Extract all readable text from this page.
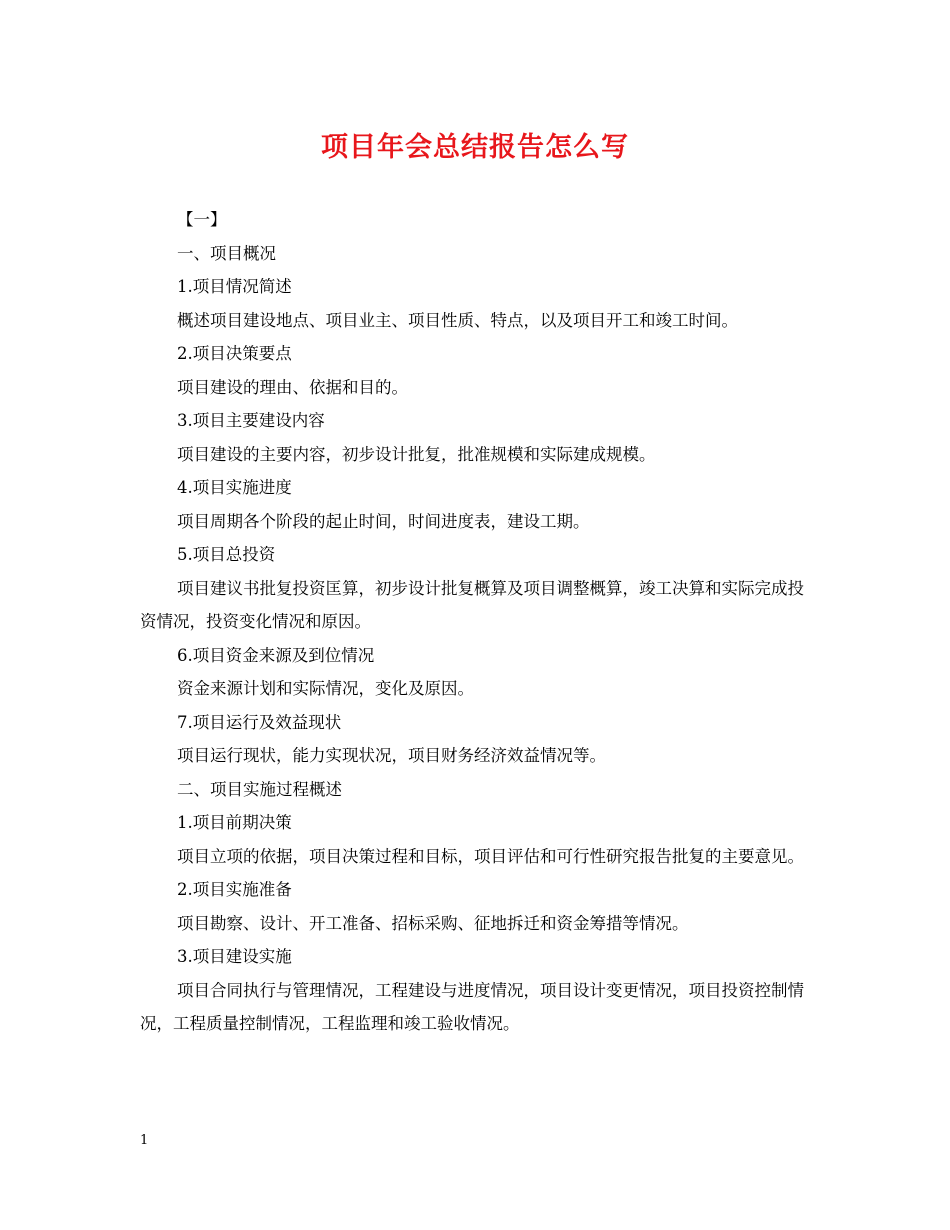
项目年会总结报告怎么写

【一】

一、项目概况

1.项目情况简述

概述项目建设地点、项目业主、项目性质、特点，以及项目开工和竣工时间。

2.项目决策要点

项目建设的理由、依据和目的。

3.项目主要建设内容

项目建设的主要内容，初步设计批复，批准规模和实际建成规模。

4.项目实施进度

项目周期各个阶段的起止时间，时间进度表，建设工期。

5.项目总投资

项目建议书批复投资匡算，初步设计批复概算及项目调整概算，竣工决算和实际完成投资情况，投资变化情况和原因。

6.项目资金来源及到位情况

资金来源计划和实际情况，变化及原因。

7.项目运行及效益现状

项目运行现状，能力实现状况，项目财务经济效益情况等。

二、项目实施过程概述

1.项目前期决策

项目立项的依据，项目决策过程和目标，项目评估和可行性研究报告批复的主要意见。

2.项目实施准备

项目勘察、设计、开工准备、招标采购、征地拆迁和资金筹措等情况。

3.项目建设实施

项目合同执行与管理情况，工程建设与进度情况，项目设计变更情况，项目投资控制情况，工程质量控制情况，工程监理和竣工验收情况。

1
